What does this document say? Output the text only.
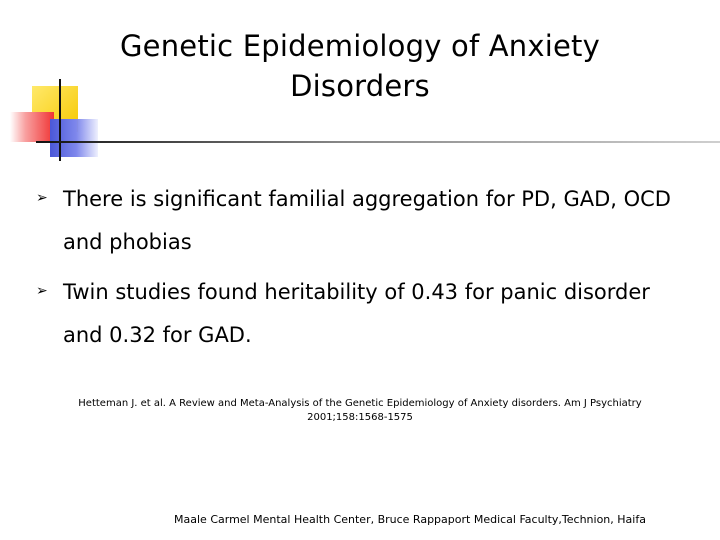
Genetic Epidemiology of Anxiety
Disorders
➢ There is significant familial aggregation for PD, GAD, OCD and phobias
➢ Twin studies found heritability of 0.43 for panic disorder and 0.32 for GAD.
Hetteman J. et al. A Review and Meta-Analysis of the Genetic Epidemiology of Anxiety disorders. Am J Psychiatry
2001;158:1568-1575
Maale Carmel Mental Health Center, Bruce Rappaport Medical Faculty,Technion, Haifa
